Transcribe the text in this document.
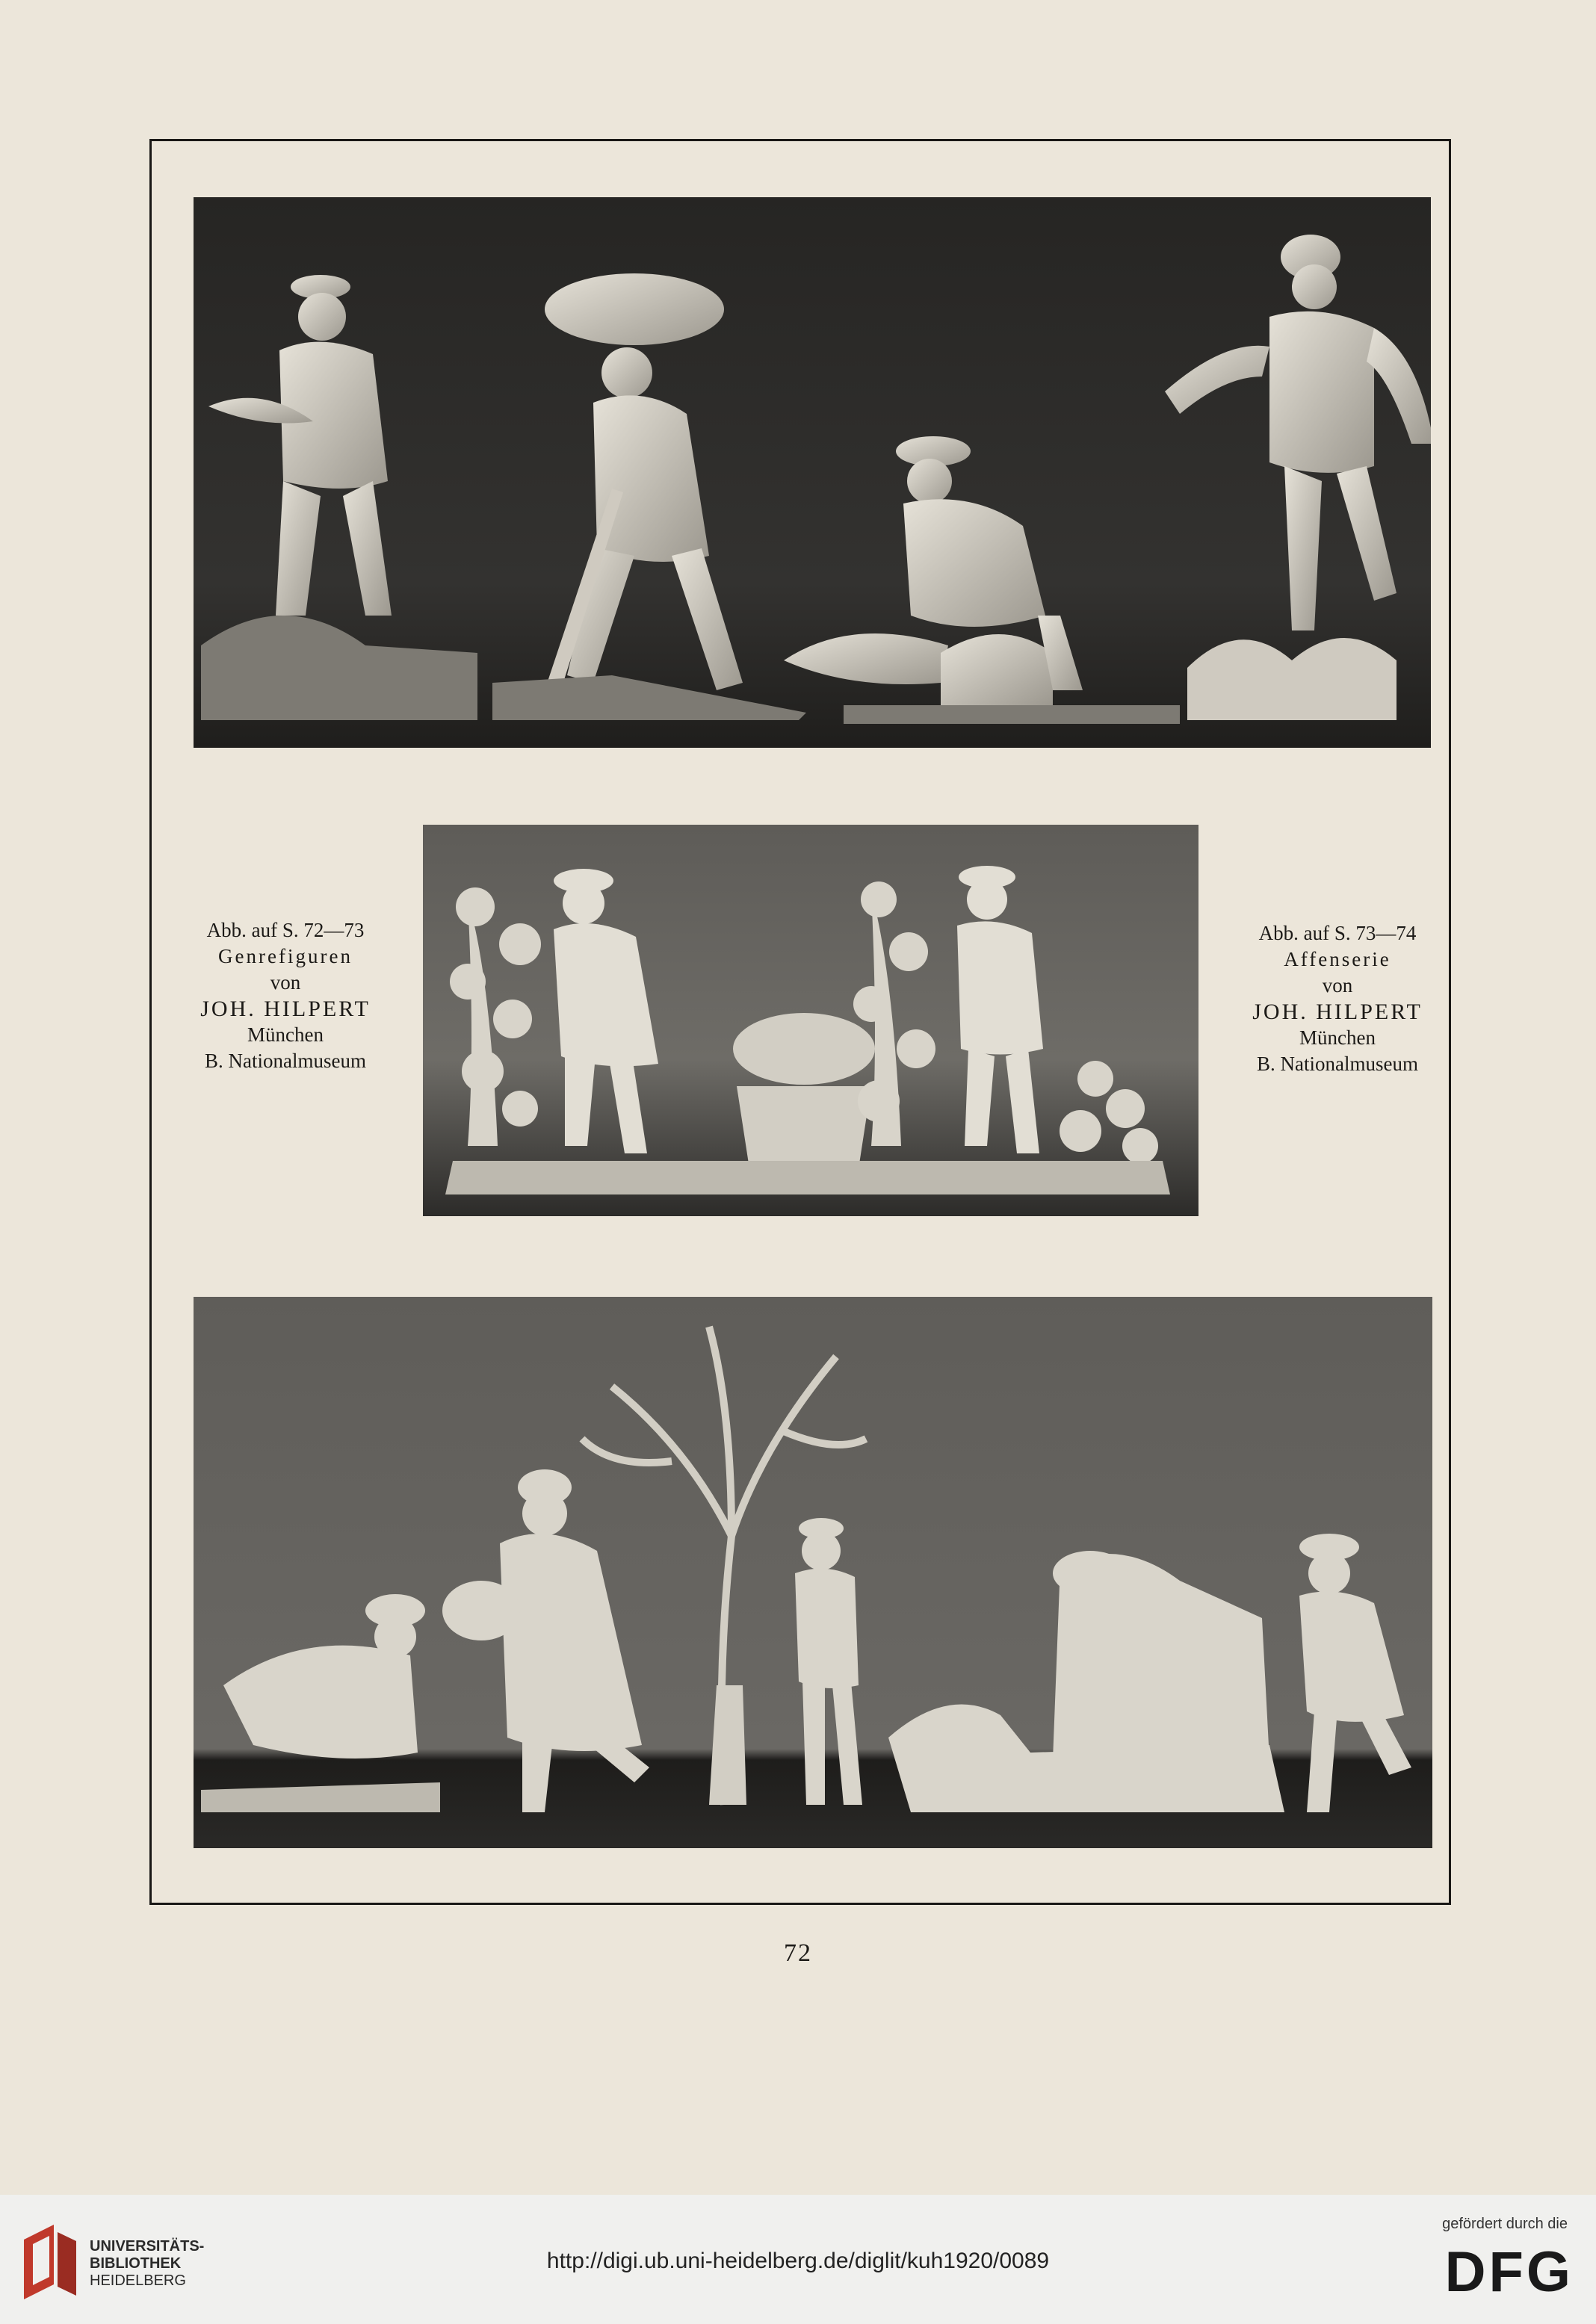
Abb. auf S. 72—73
Genrefiguren
von
JOH. HILPERT
München
B. Nationalmuseum
Abb. auf S. 73—74
Affenserie
von
JOH. HILPERT
München
B. Nationalmuseum
72
UNIVERSITÄTS-
BIBLIOTHEK
HEIDELBERG
http://digi.ub.uni-heidelberg.de/diglit/kuh1920/0089
gefördert durch die
DFG
